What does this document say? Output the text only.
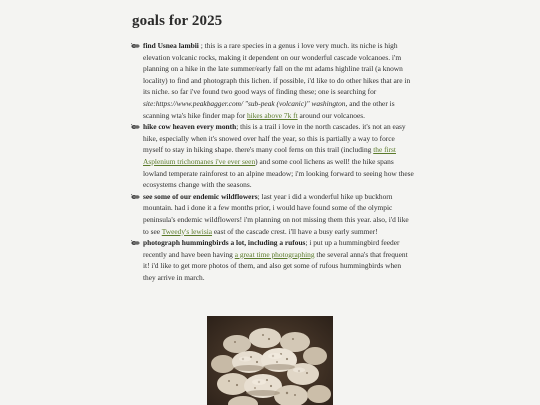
goals for 2025
find Usnea lambii ; this is a rare species in a genus i love very much. its niche is high elevation volcanic rocks, making it dependent on our wonderful cascade volcanoes. i'm planning on a hike in the late summer/early fall on the mt adams highline trail (a known locality) to find and photograph this lichen. if possible, i'd like to do other hikes that are in its niche. so far i've found two good ways of finding these; one is searching for site:https://www.peakbagger.com/ "sub-peak (volcanic)" washington, and the other is scanning wta's hike finder map for hikes above 7k ft around our volcanoes.
hike cow heaven every month; this is a trail i love in the north cascades. it's not an easy hike, especially when it's snowed over half the year, so this is partially a way to force myself to stay in hiking shape. there's many cool ferns on this trail (including the first Asplenium trichomanes i've ever seen) and some cool lichens as well! the hike spans lowland temperate rainforest to an alpine meadow; i'm looking forward to seeing how these ecosystems change with the seasons.
see some of our endemic wildflowers; last year i did a wonderful hike up buckhorn mountain. had i done it a few months prior, i would have found some of the olympic peninsula's endemic wildflowers! i'm planning on not missing them this year. also, i'd like to see Tweedy's lewisia east of the cascade crest. i'll have a busy early summer!
photograph hummingbirds a lot, including a rufous; i put up a hummingbird feeder recently and have been having a great time photographing the several anna's that frequent it! i'd like to get more photos of them, and also get some of rufous hummingbirds when they arrive in march.
